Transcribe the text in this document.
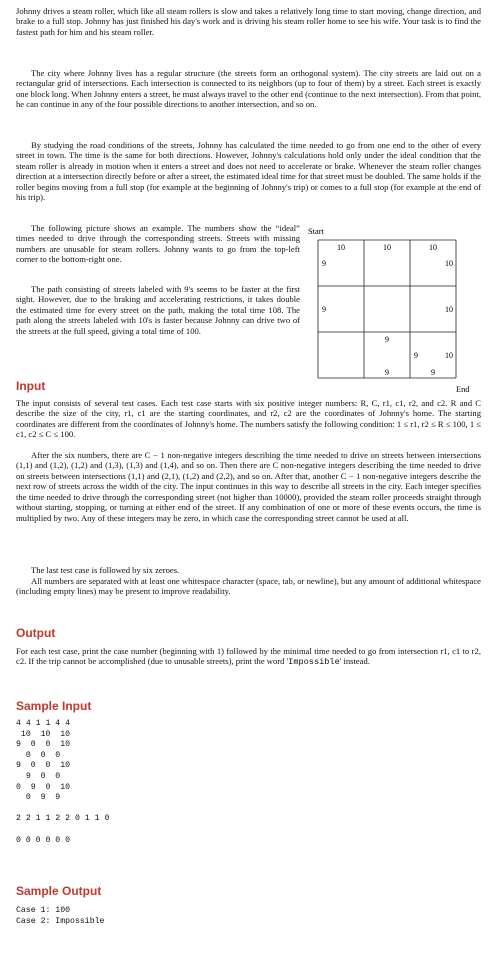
Johnny drives a steam roller, which like all steam rollers is slow and takes a relatively long time to start moving, change direction, and brake to a full stop. Johnny has just finished his day's work and is driving his steam roller home to see his wife. Your task is to find the fastest path for him and his steam roller.

The city where Johnny lives has a regular structure (the streets form an orthogonal system). The city streets are laid out on a rectangular grid of intersections. Each intersection is connected to its neighbors (up to four of them) by a street. Each street is exactly one block long. When Johnny enters a street, he must always travel to the other end (continue to the next intersection). From that point, he can continue in any of the four possible directions to another intersection, and so on.

By studying the road conditions of the streets, Johnny has calculated the time needed to go from one end to the other of every street in town. The time is the same for both directions. However, Johnny's calculations hold only under the ideal condition that the steam roller is already in motion when it enters a street and does not need to accelerate or brake. Whenever the steam roller changes direction at a intersection directly before or after a street, the estimated ideal time for that street must be doubled. The same holds if the roller begins moving from a full stop (for example at the beginning of Johnny's trip) or comes to a full stop (for example at the end of his trip).

The following picture shows an example. The numbers show the “ideal” times needed to drive through the corresponding streets. Streets with missing numbers are unusable for steam rollers. Johnny wants to go from the top-left corner to the bottom-right one.

The path consisting of streets labeled with 9's seems to be faster at the first sight. However, due to the braking and accelerating restrictions, it takes double the estimated time for every street on the path, making the total time 108. The path along the streets labeled with 10's is faster because Johnny can drive two of the streets at the full speed, giving a total time of 100.

Start
End
10	10	10
9
9	9
9	10
9	10
9	10
Input

The input consists of several test cases. Each test case starts with six positive integer numbers: R, C, r1, c1, r2, and c2. R and C describe the size of the city, r1, c1 are the starting coordinates, and r2, c2 are the coordinates of Johnny's home. The starting coordinates are different from the coordinates of Johnny's home. The numbers satisfy the following condition: 1 ≤ r1, r2 ≤ R ≤ 100, 1 ≤ c1, c2 ≤ C ≤ 100.

After the six numbers, there are C − 1 non-negative integers describing the time needed to drive on streets between intersections (1,1) and (1,2), (1,2) and (1,3), (1,3) and (1,4), and so on. Then there are C non-negative integers describing the time needed to drive on streets between intersections (1,1) and (2,1), (1,2) and (2,2), and so on. After that, another C − 1 non-negative integers describe the next row of streets across the width of the city. The input continues in this way to describe all streets in the city. Each integer specifies the time needed to drive through the corresponding street (not higher than 10000), provided the steam roller proceeds straight through without starting, stopping, or turning at either end of the street. If any combination of one or more of these events occurs, the time is multiplied by two. Any of these integers may be zero, in which case the corresponding street cannot be used at all.

The last test case is followed by six zeroes.

All numbers are separated with at least one whitespace character (space, tab, or newline), but any amount of additional whitespace (including empty lines) may be present to improve readability.

Output

For each test case, print the case number (beginning with 1) followed by the minimal time needed to go from intersection r1, c1 to r2, c2. If the trip cannot be accomplished (due to unusable streets), print the word 'Impossible' instead.

Sample Input
4 4 1 1 4 4
10  10  10
9  0  0  10
0  0  0
9  0  0  10
9  0  0
0  9  0  10
0  9  9

2 2 1 1 2 2 0 1 1 0

0 0 0 0 0 0
Sample Output
Case 1: 100
Case 2: Impossible
